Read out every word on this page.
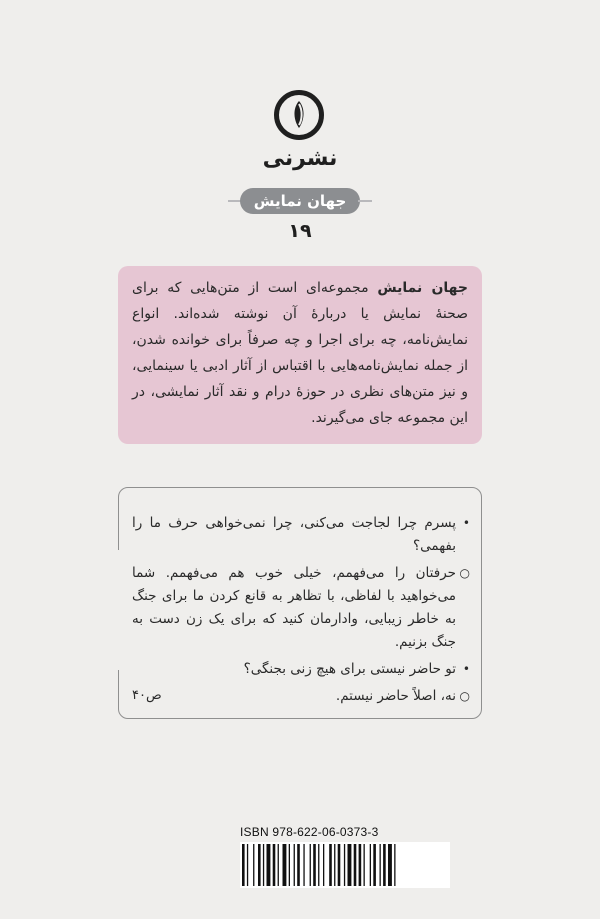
نشرنی
جهان نمایش
۱۹
جهان نمایش مجموعه‌ای است از متن‌هایی که برای صحنهٔ نمایش یا دربارهٔ آن نوشته شده‌اند. انواع نمایش‌نامه، چه برای اجرا و چه صرفاً برای خوانده شدن، از جمله نمایش‌نامه‌هایی با اقتباس از آثار ادبی یا سینمایی، و نیز متن‌های نظری در حوزهٔ درام و نقد آثار نمایشی، در این مجموعه جای می‌گیرند.

•
پسرم چرا لجاجت می‌کنی، چرا نمی‌خواهی حرف ما را بفهمی؟

○
حرفتان را می‌فهمم، خیلی خوب هم می‌فهمم. شما می‌خواهید با لفاظی، با تظاهر به قانع کردن ما برای جنگ به خاطر زیبایی، وادارمان کنید که برای یک زن دست به جنگ بزنیم.

•
تو حاضر نیستی برای هیچ زنی بجنگی؟

○
نه، اصلاً حاضر نیستم.

ص۴۰
ISBN 978-622-06-0373-3
